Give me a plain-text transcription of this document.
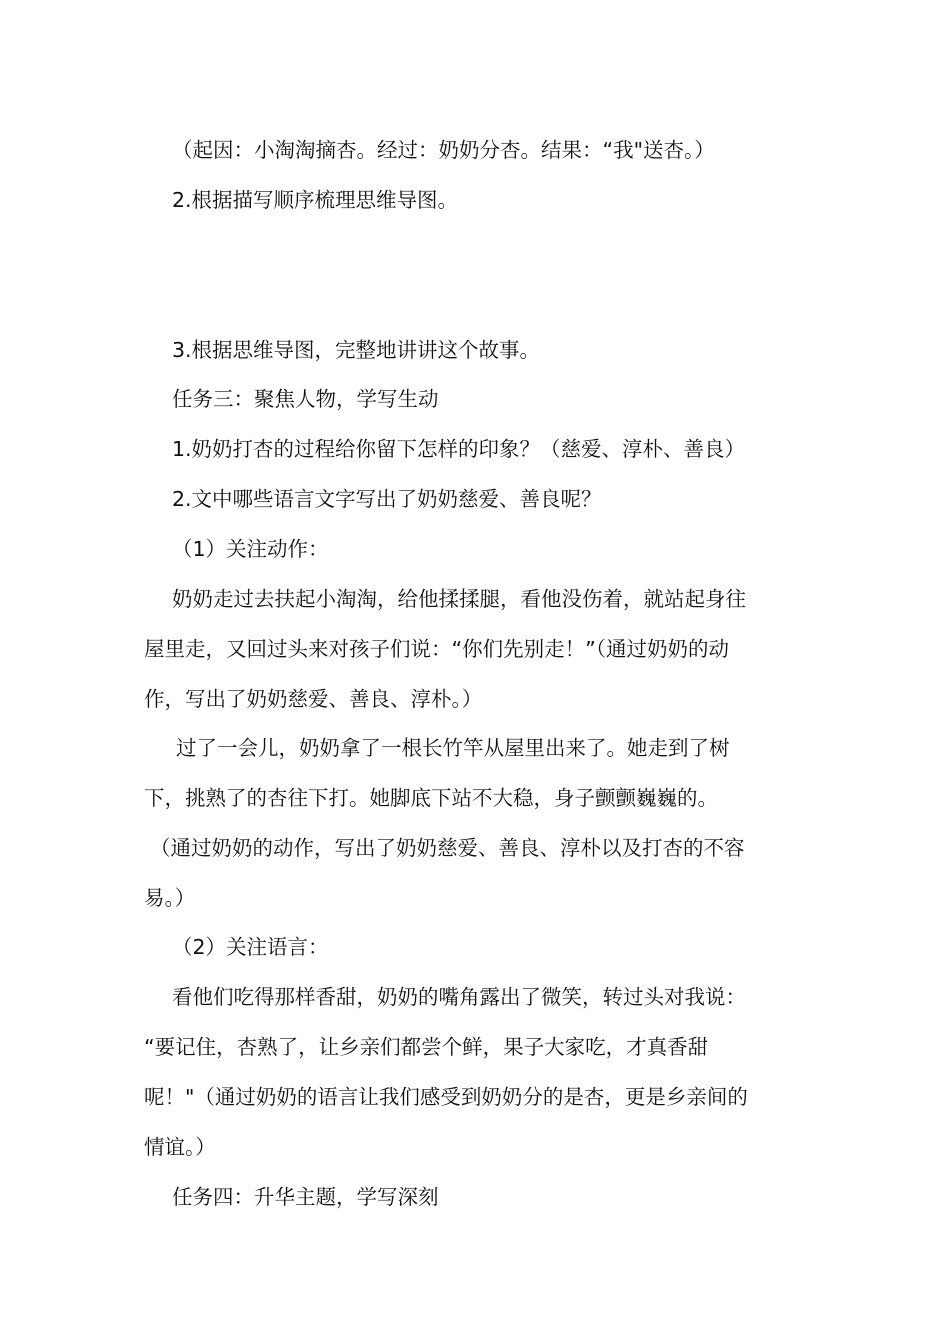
（起因：小淘淘摘杏。经过：奶奶分杏。结果：“我"送杏。）
2.根据描写顺序梳理思维导图。
3.根据思维导图，完整地讲讲这个故事。
任务三：聚焦人物，学写生动
1.奶奶打杏的过程给你留下怎样的印象？（慈爱、淳朴、善良）
2.文中哪些语言文字写出了奶奶慈爱、善良呢？
（1）关注动作：
奶奶走过去扶起小淘淘，给他揉揉腿，看他没伤着，就站起身往
屋里走，又回过头来对孩子们说：“你们先别走！”（通过奶奶的动
作，写出了奶奶慈爱、善良、淳朴。）
过了一会儿，奶奶拿了一根长竹竿从屋里出来了。她走到了树
下，挑熟了的杏往下打。她脚底下站不大稳，身子颤颤巍巍的。
（通过奶奶的动作，写出了奶奶慈爱、善良、淳朴以及打杏的不容
易。）
（2）关注语言：
看他们吃得那样香甜，奶奶的嘴角露出了微笑，转过头对我说：
“要记住，杏熟了，让乡亲们都尝个鲜，果子大家吃，才真香甜
呢！"（通过奶奶的语言让我们感受到奶奶分的是杏，更是乡亲间的
情谊。）
任务四：升华主题，学写深刻
